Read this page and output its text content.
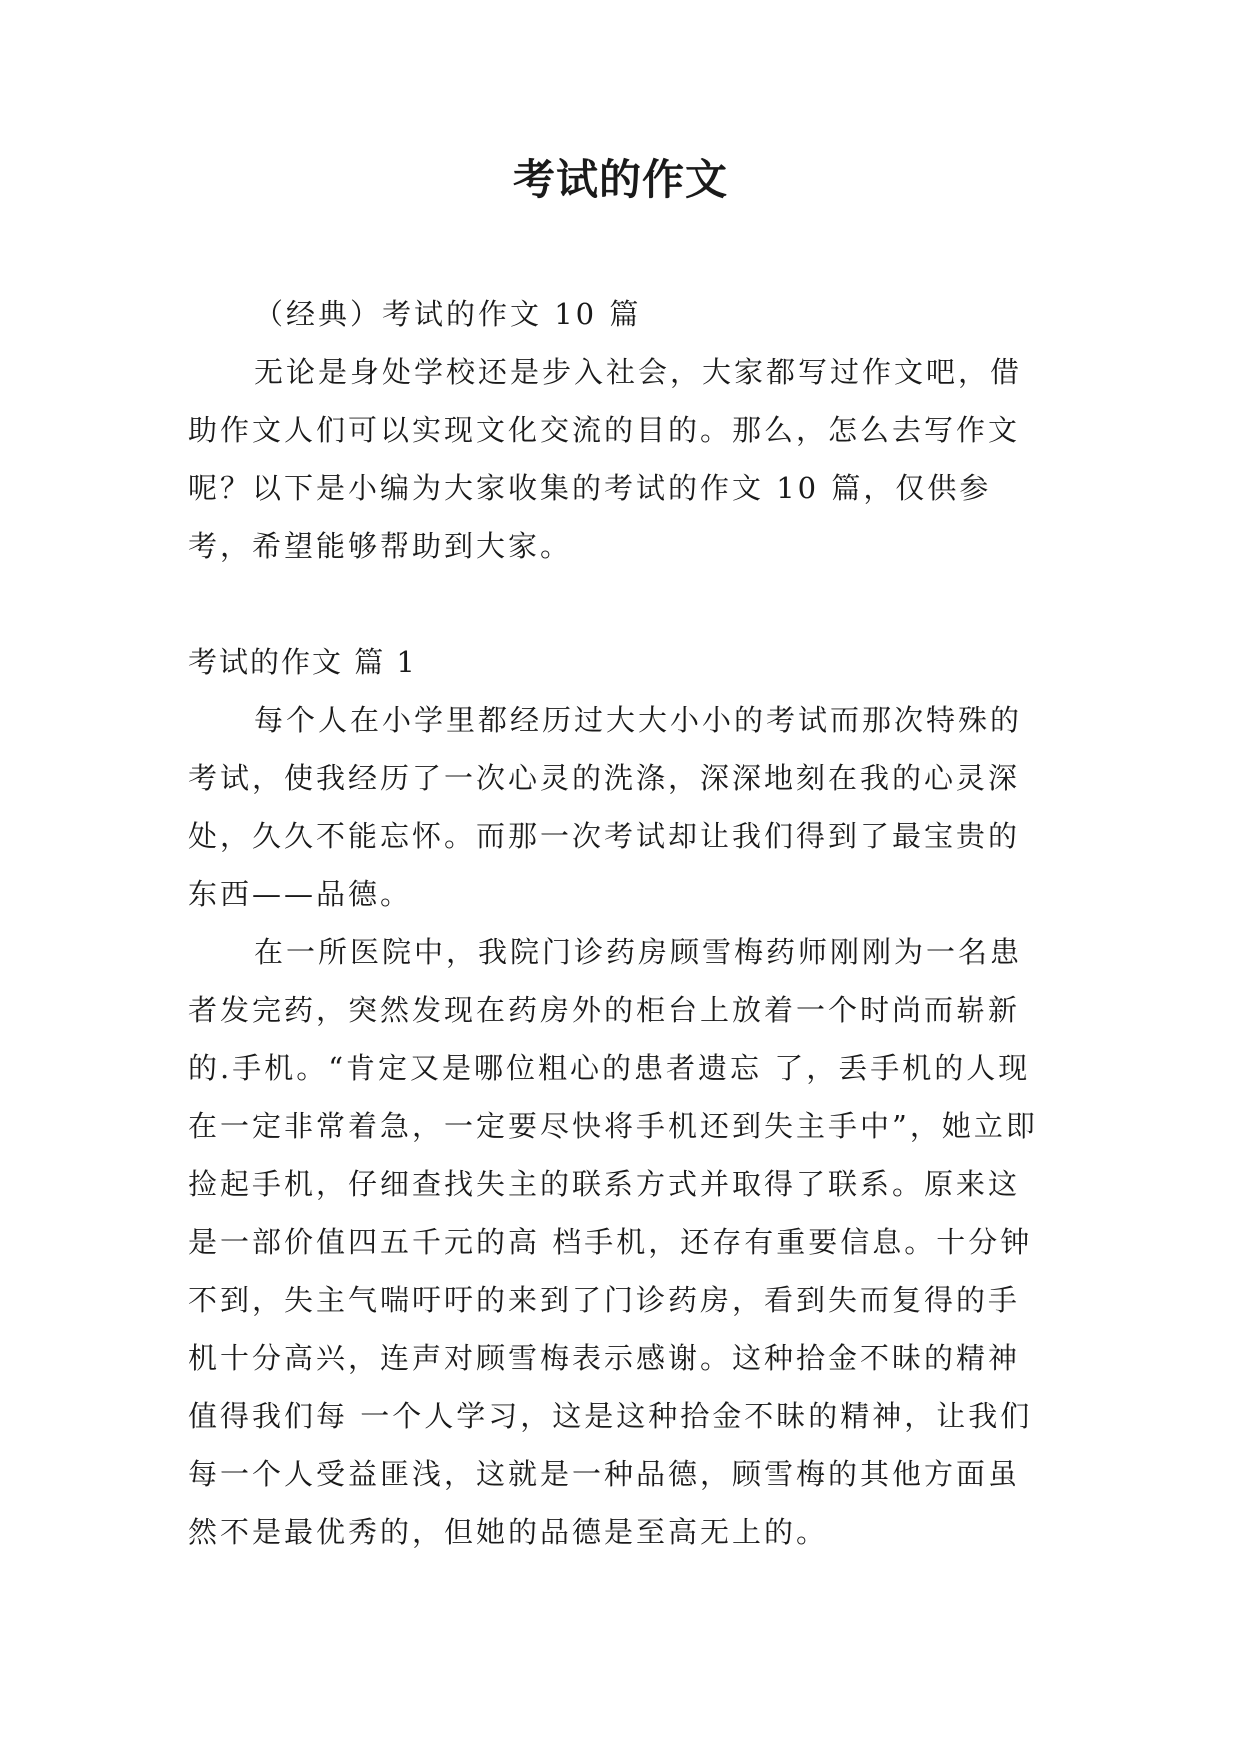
考试的作文

（经典）考试的作文 10 篇

无论是身处学校还是步入社会，大家都写过作文吧，借助作文人们可以实现文化交流的目的。那么，怎么去写作文呢？以下是小编为大家收集的考试的作文 10 篇，仅供参考，希望能够帮助到大家。

考试的作文 篇 1

每个人在小学里都经历过大大小小的考试而那次特殊的考试，使我经历了一次心灵的洗涤，深深地刻在我的心灵深处，久久不能忘怀。而那一次考试却让我们得到了最宝贵的东西——品德。

在一所医院中，我院门诊药房顾雪梅药师刚刚为一名患者发完药，突然发现在药房外的柜台上放着一个时尚而崭新的.手机。“肯定又是哪位粗心的患者遗忘 了，丢手机的人现在一定非常着急，一定要尽快将手机还到失主手中”，她立即捡起手机，仔细查找失主的联系方式并取得了联系。原来这是一部价值四五千元的高 档手机，还存有重要信息。十分钟不到，失主气喘吁吁的来到了门诊药房，看到失而复得的手机十分高兴，连声对顾雪梅表示感谢。这种拾金不昧的精神值得我们每 一个人学习，这是这种拾金不昧的精神，让我们每一个人受益匪浅，这就是一种品德，顾雪梅的其他方面虽然不是最优秀的，但她的品德是至高无上的。
